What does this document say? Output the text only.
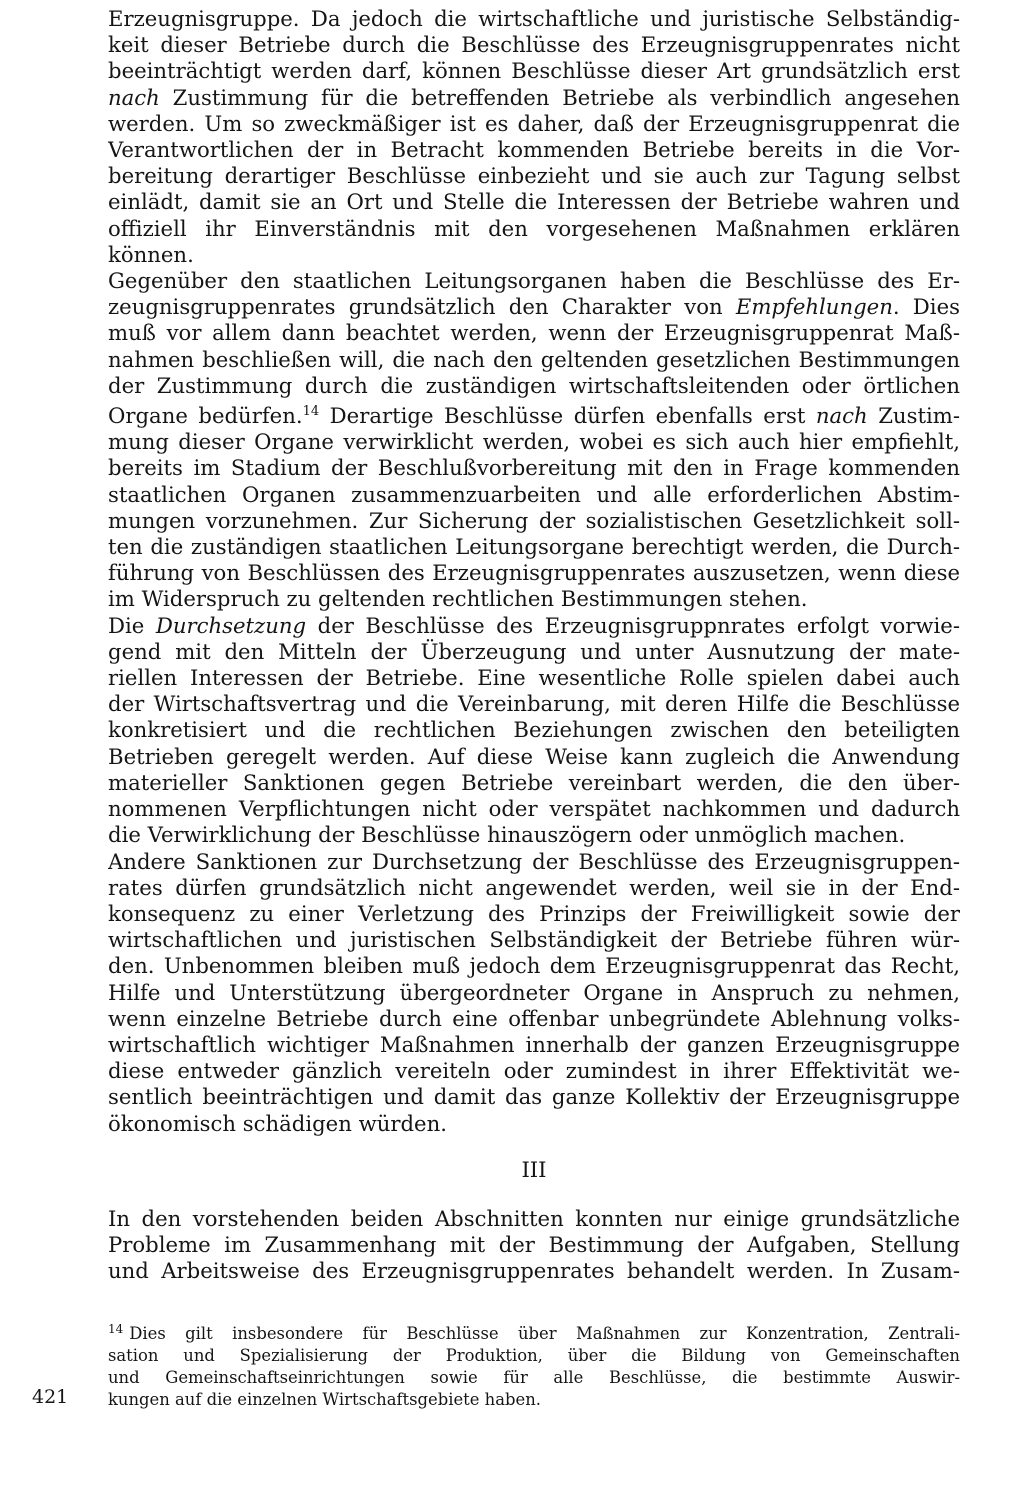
Erzeugnisgruppe. Da jedoch die wirtschaftliche und juristische Selbständig-
keit dieser Betriebe durch die Beschlüsse des Erzeugnisgruppenrates nicht
beeinträchtigt werden darf, können Beschlüsse dieser Art grundsätzlich erst
nach Zustimmung für die betreffenden Betriebe als verbindlich angesehen
werden. Um so zweckmäßiger ist es daher, daß der Erzeugnisgruppenrat die
Verantwortlichen der in Betracht kommenden Betriebe bereits in die Vor-
bereitung derartiger Beschlüsse einbezieht und sie auch zur Tagung selbst
einlädt, damit sie an Ort und Stelle die Interessen der Betriebe wahren und
offiziell ihr Einverständnis mit den vorgesehenen Maßnahmen erklären
können.
Gegenüber den staatlichen Leitungsorganen haben die Beschlüsse des Er-
zeugnisgruppenrates grundsätzlich den Charakter von Empfehlungen. Dies
muß vor allem dann beachtet werden, wenn der Erzeugnisgruppenrat Maß-
nahmen beschließen will, die nach den geltenden gesetzlichen Bestimmungen
der Zustimmung durch die zuständigen wirtschaftsleitenden oder örtlichen
Organe bedürfen.$^{14}$ Derartige Beschlüsse dürfen ebenfalls erst nach Zustim-
mung dieser Organe verwirklicht werden, wobei es sich auch hier empfiehlt,
bereits im Stadium der Beschlußvorbereitung mit den in Frage kommenden
staatlichen Organen zusammenzuarbeiten und alle erforderlichen Abstim-
mungen vorzunehmen. Zur Sicherung der sozialistischen Gesetzlichkeit soll-
ten die zuständigen staatlichen Leitungsorgane berechtigt werden, die Durch-
führung von Beschlüssen des Erzeugnisgruppenrates auszusetzen, wenn diese
im Widerspruch zu geltenden rechtlichen Bestimmungen stehen.
Die Durchsetzung der Beschlüsse des Erzeugnisgruppnrates erfolgt vorwie-
gend mit den Mitteln der Überzeugung und unter Ausnutzung der mate-
riellen Interessen der Betriebe. Eine wesentliche Rolle spielen dabei auch
der Wirtschaftsvertrag und die Vereinbarung, mit deren Hilfe die Beschlüsse
konkretisiert und die rechtlichen Beziehungen zwischen den beteiligten
Betrieben geregelt werden. Auf diese Weise kann zugleich die Anwendung
materieller Sanktionen gegen Betriebe vereinbart werden, die den über-
nommenen Verpflichtungen nicht oder verspätet nachkommen und dadurch
die Verwirklichung der Beschlüsse hinauszögern oder unmöglich machen.
Andere Sanktionen zur Durchsetzung der Beschlüsse des Erzeugnisgruppen-
rates dürfen grundsätzlich nicht angewendet werden, weil sie in der End-
konsequenz zu einer Verletzung des Prinzips der Freiwilligkeit sowie der
wirtschaftlichen und juristischen Selbständigkeit der Betriebe führen wür-
den. Unbenommen bleiben muß jedoch dem Erzeugnisgruppenrat das Recht,
Hilfe und Unterstützung übergeordneter Organe in Anspruch zu nehmen,
wenn einzelne Betriebe durch eine offenbar unbegründete Ablehnung volks-
wirtschaftlich wichtiger Maßnahmen innerhalb der ganzen Erzeugnisgruppe
diese entweder gänzlich vereiteln oder zumindest in ihrer Effektivität we-
sentlich beeinträchtigen und damit das ganze Kollektiv der Erzeugnisgruppe
ökonomisch schädigen würden.
III
In den vorstehenden beiden Abschnitten konnten nur einige grundsätzliche
Probleme im Zusammenhang mit der Bestimmung der Aufgaben, Stellung
und Arbeitsweise des Erzeugnisgruppenrates behandelt werden. In Zusam-
$^{14}$ Dies gilt insbesondere für Beschlüsse über Maßnahmen zur Konzentration, Zentrali-
sation und Spezialisierung der Produktion, über die Bildung von Gemeinschaften
und Gemeinschaftseinrichtungen sowie für alle Beschlüsse, die bestimmte Auswir-
kungen auf die einzelnen Wirtschaftsgebiete haben.
421
